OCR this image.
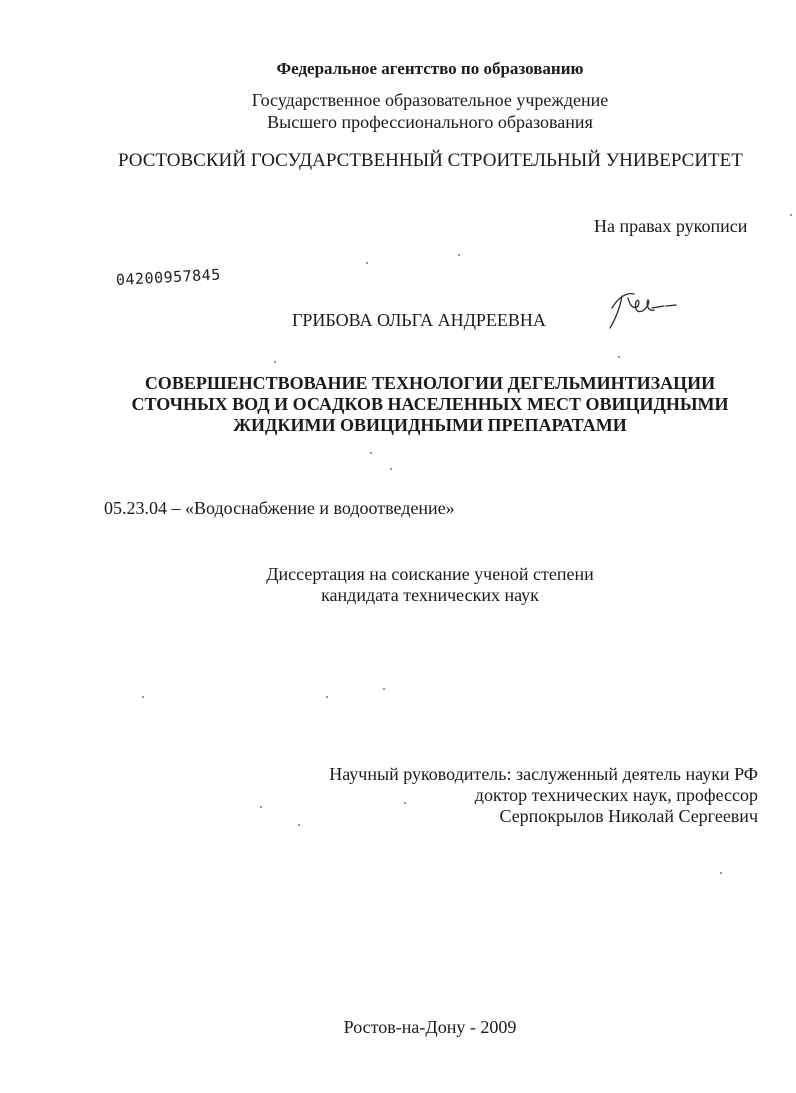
Федеральное агентство по образованию
Государственное образовательное учреждение
Высшего профессионального образования
РОСТОВСКИЙ ГОСУДАРСТВЕННЫЙ СТРОИТЕЛЬНЫЙ УНИВЕРСИТЕТ
На правах рукописи
04200957845
ГРИБОВА ОЛЬГА АНДРЕЕВНА
СОВЕРШЕНСТВОВАНИЕ ТЕХНОЛОГИИ ДЕГЕЛЬМИНТИЗАЦИИ
СТОЧНЫХ ВОД И ОСАДКОВ НАСЕЛЕННЫХ МЕСТ ОВИЦИДНЫМИ
ЖИДКИМИ ОВИЦИДНЫМИ ПРЕПАРАТАМИ
05.23.04 – «Водоснабжение и водоотведение»
Диссертация на соискание ученой степени
кандидата технических наук
Научный руководитель: заслуженный деятель науки РФ
доктор технических наук, профессор
Серпокрылов Николай Сергеевич
Ростов-на-Дону - 2009
